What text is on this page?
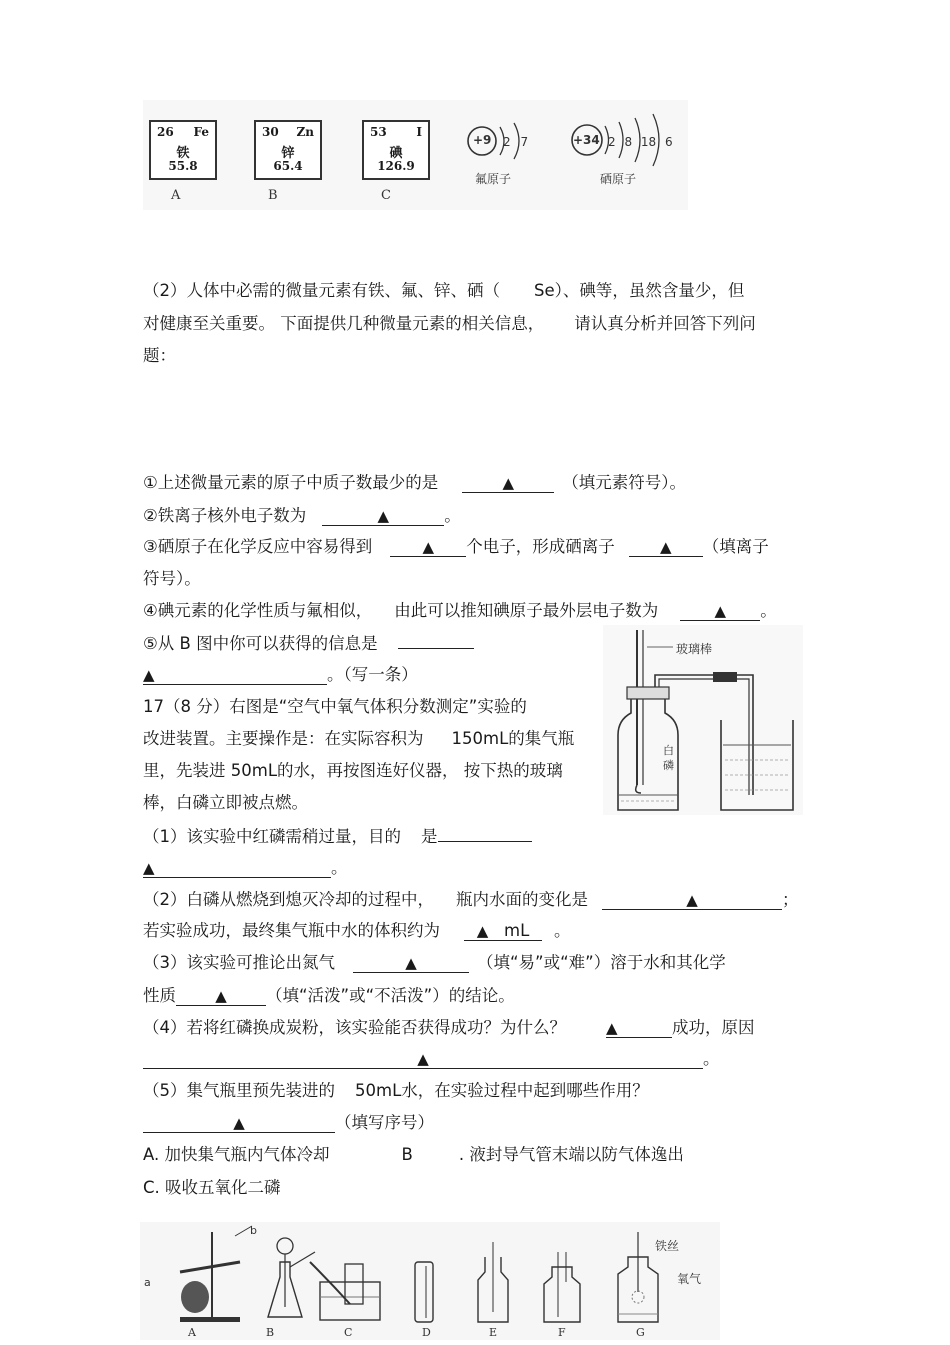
26 Fe
铁
55.8
A
30 Zn
锌
65.4
B
53 I
碘
126.9
C
+9 2 7
氟原子
+34 2 8 18 6
硒原子
（2）人体中必需的微量元素有铁、氟、锌、硒（ Se）、碘等，虽然含量少，但
对健康至关重要。 下面提供几种微量元素的相关信息， 请认真分析并回答下列问
题：
①上述微量元素的原子中质子数最少的是	▲	（填元素符号）。
②铁离子核外电子数为	▲	。
③硒原子在化学反应中容易得到	▲ 个电子，形成硒离子	▲ （填离子
符号）。
④碘元素的化学性质与氟相似， 由此可以推知碘原子最外层电子数为	▲ 。
⑤从 B 图中你可以获得的信息是
▲	。（写一条）
玻璃棒
白
磷
17（8 分）右图是“空气中氧气体积分数测定”实验的
改进装置。主要操作是：在实际容积为 150mL的集气瓶
里，先装进 50mL的水，再按图连好仪器， 按下热的玻璃
棒，白磷立即被点燃。
（1）该实验中红磷需稍过量，目的 是
▲	。
（2）白磷从燃烧到熄灭冷却的过程中， 瓶内水面的变化是	▲	；
若实验成功，最终集气瓶中水的体积约为 ▲ mL 。
（3）该实验可推论出氮气	▲	（填“易”或“难”）溶于水和其化学
性质	▲ （填“活泼”或“不活泼”）的结论。
（4）若将红磷换成炭粉，该实验能否获得成功？为什么？	▲	成功，原因
▲	。
（5）集气瓶里预先装进的 50mL水，在实验过程中起到哪些作用？
▲	（填写序号）
A. 加快集气瓶内气体冷却	B	. 液封导气管末端以防气体逸出
C. 吸收五氧化二磷
a
b
铁丝
氧气
A	B	C	D	E	F	G
